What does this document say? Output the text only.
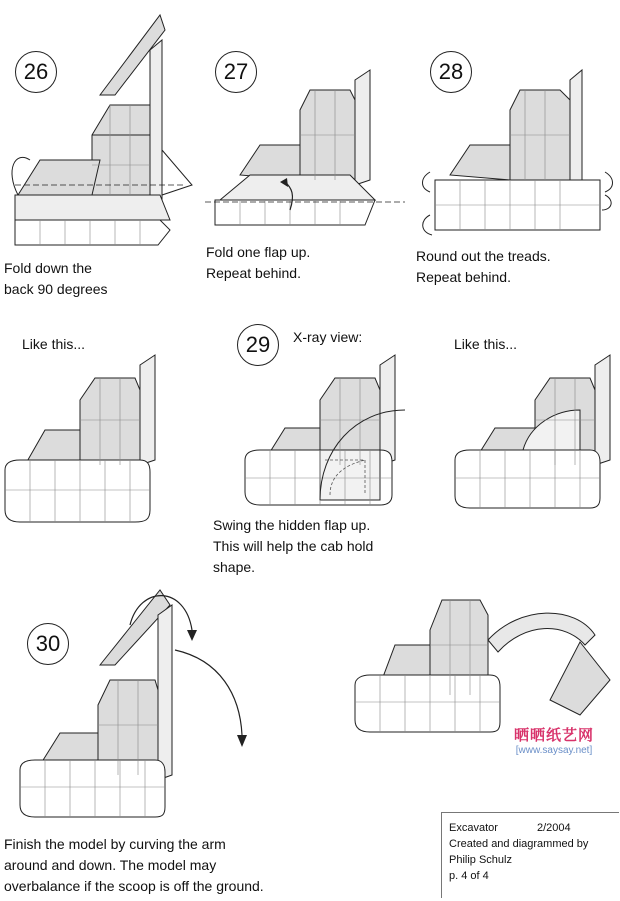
26
Fold down the
back 90 degrees
27
Fold one flap up.
Repeat behind.
28
Round out the treads.
Repeat behind.
Like this...	29 X-ray view:
Swing the hidden flap up.
This will help the cab hold
shape.
Like this...
30
Finish the model by curving the arm
around and down. The model may
overbalance if the scoop is off the ground.
晒晒纸艺网
[www.saysay.net]
Excavator	2/2004
Created and diagrammed by
Philip Schulz
p. 4 of 4
